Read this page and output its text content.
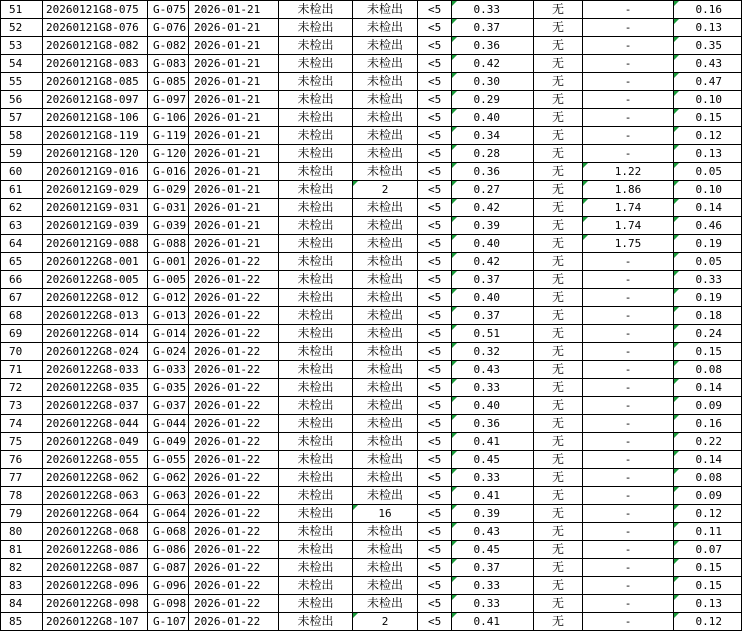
51	20260121G8-075	G-075	2026-01-21	未检出	未检出	<5	0.33	无	-	0.16

52	20260121G8-076	G-076	2026-01-21	未检出	未检出	<5	0.37	无	-	0.13

53	20260121G8-082	G-082	2026-01-21	未检出	未检出	<5	0.36	无	-	0.35

54	20260121G8-083	G-083	2026-01-21	未检出	未检出	<5	0.42	无	-	0.43

55	20260121G8-085	G-085	2026-01-21	未检出	未检出	<5	0.30	无	-	0.47

56	20260121G8-097	G-097	2026-01-21	未检出	未检出	<5	0.29	无	-	0.10

57	20260121G8-106	G-106	2026-01-21	未检出	未检出	<5	0.40	无	-	0.15

58	20260121G8-119	G-119	2026-01-21	未检出	未检出	<5	0.34	无	-	0.12

59	20260121G8-120	G-120	2026-01-21	未检出	未检出	<5	0.28	无	-	0.13

60	20260121G9-016	G-016	2026-01-21	未检出	未检出	<5	0.36	无	1.22	0.05

61	20260121G9-029	G-029	2026-01-21	未检出	2	<5	0.27	无	1.86	0.10

62	20260121G9-031	G-031	2026-01-21	未检出	未检出	<5	0.42	无	1.74	0.14

63	20260121G9-039	G-039	2026-01-21	未检出	未检出	<5	0.39	无	1.74	0.46

64	20260121G9-088	G-088	2026-01-21	未检出	未检出	<5	0.40	无	1.75	0.19

65	20260122G8-001	G-001	2026-01-22	未检出	未检出	<5	0.42	无	-	0.05

66	20260122G8-005	G-005	2026-01-22	未检出	未检出	<5	0.37	无	-	0.33

67	20260122G8-012	G-012	2026-01-22	未检出	未检出	<5	0.40	无	-	0.19

68	20260122G8-013	G-013	2026-01-22	未检出	未检出	<5	0.37	无	-	0.18

69	20260122G8-014	G-014	2026-01-22	未检出	未检出	<5	0.51	无	-	0.24

70	20260122G8-024	G-024	2026-01-22	未检出	未检出	<5	0.32	无	-	0.15

71	20260122G8-033	G-033	2026-01-22	未检出	未检出	<5	0.43	无	-	0.08

72	20260122G8-035	G-035	2026-01-22	未检出	未检出	<5	0.33	无	-	0.14

73	20260122G8-037	G-037	2026-01-22	未检出	未检出	<5	0.40	无	-	0.09

74	20260122G8-044	G-044	2026-01-22	未检出	未检出	<5	0.36	无	-	0.16

75	20260122G8-049	G-049	2026-01-22	未检出	未检出	<5	0.41	无	-	0.22

76	20260122G8-055	G-055	2026-01-22	未检出	未检出	<5	0.45	无	-	0.14

77	20260122G8-062	G-062	2026-01-22	未检出	未检出	<5	0.33	无	-	0.08

78	20260122G8-063	G-063	2026-01-22	未检出	未检出	<5	0.41	无	-	0.09

79	20260122G8-064	G-064	2026-01-22	未检出	16	<5	0.39	无	-	0.12

80	20260122G8-068	G-068	2026-01-22	未检出	未检出	<5	0.43	无	-	0.11

81	20260122G8-086	G-086	2026-01-22	未检出	未检出	<5	0.45	无	-	0.07

82	20260122G8-087	G-087	2026-01-22	未检出	未检出	<5	0.37	无	-	0.15

83	20260122G8-096	G-096	2026-01-22	未检出	未检出	<5	0.33	无	-	0.15

84	20260122G8-098	G-098	2026-01-22	未检出	未检出	<5	0.33	无	-	0.13

85	20260122G8-107	G-107	2026-01-22	未检出	2	<5	0.41	无	-	0.12
